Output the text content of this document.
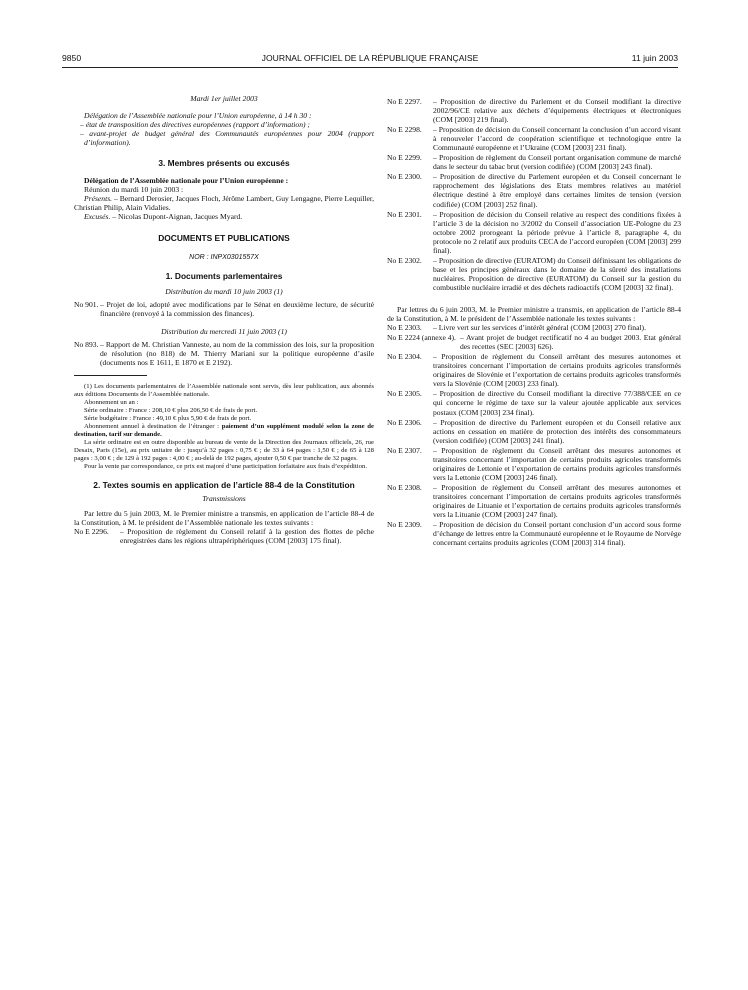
9850	JOURNAL OFFICIEL DE LA RÉPUBLIQUE FRANÇAISE	11 juin 2003

Mardi 1er juillet 2003

Délégation de l’Assemblée nationale pour l’Union européenne, à 14 h 30 :

– état de transposition des directives européennes (rapport d’information) ;

– avant-projet de budget général des Communautés européennes pour 2004 (rapport d’information).

3. Membres présents ou excusés

Délégation de l’Assemblée nationale pour l’Union européenne :

Réunion du mardi 10 juin 2003 :

Présents. – Bernard Derosier, Jacques Floch, Jérôme Lambert, Guy Lengagne, Pierre Lequiller, Christian Philip, Alain Vidalies.

Excusés. – Nicolas Dupont-Aignan, Jacques Myard.

DOCUMENTS ET PUBLICATIONS

NOR : INPX0301557X

1. Documents parlementaires

Distribution du mardi 10 juin 2003 (1)

No 901. – Projet de loi, adopté avec modifications par le Sénat en deuxième lecture, de sécurité financière (renvoyé à la commission des finances).

Distribution du mercredi 11 juin 2003 (1)

No 893. – Rapport de M. Christian Vanneste, au nom de la commission des lois, sur la proposition de résolution (no 818) de M. Thierry Mariani sur la politique européenne d’asile (documents nos E 1611, E 1870 et E 2192).

(1) Les documents parlementaires de l’Assemblée nationale sont servis, dès leur publication, aux abonnés aux éditions Documents de l’Assemblée nationale.

Abonnement un an :

Série ordinaire : France : 208,10 € plus 206,50 € de frais de port.

Série budgétaire : France : 49,10 € plus 5,90 € de frais de port.

Abonnement annuel à destination de l’étranger : paiement d’un supplément modulé selon la zone de destination, tarif sur demande.

La série ordinaire est en outre disponible au bureau de vente de la Direction des Journaux officiels, 26, rue Desaix, Paris (15e), au prix unitaire de : jusqu’à 32 pages : 0,75 € ; de 33 à 64 pages : 1,50 € ; de 65 à 128 pages : 3,00 € ; de 129 à 192 pages : 4,00 € ; au-delà de 192 pages, ajouter 0,50 € par tranche de 32 pages.

Pour la vente par correspondance, ce prix est majoré d’une participation forfaitaire aux frais d’expédition.

2. Textes soumis en application de l’article 88-4 de la Constitution

Transmissions

Par lettre du 5 juin 2003, M. le Premier ministre a transmis, en application de l’article 88-4 de la Constitution, à M. le président de l’Assemblée nationale les textes suivants :

No E 2296.	– Proposition de règlement du Conseil relatif à la gestion des flottes de pêche enregistrées dans les régions ultrapériphériques (COM [2003] 175 final).
No E 2297.	– Proposition de directive du Parlement et du Conseil modifiant la directive 2002/96/CE relative aux déchets d’équipements électriques et électroniques (COM [2003] 219 final).
No E 2298.	– Proposition de décision du Conseil concernant la conclusion d’un accord visant à renouveler l’accord de coopération scientifique et technologique entre la Communauté européenne et l’Ukraine (COM [2003] 231 final).
No E 2299.	– Proposition de règlement du Conseil portant organisation commune de marché dans le secteur du tabac brut (version codifiée) (COM [2003] 243 final).
No E 2300.	– Proposition de directive du Parlement européen et du Conseil concernant le rapprochement des législations des Etats membres relatives au matériel électrique destiné à être employé dans certaines limites de tension (version codifiée) (COM [2003] 252 final).
No E 2301.	– Proposition de décision du Conseil relative au respect des conditions fixées à l’article 3 de la décision no 3/2002 du Conseil d’association UE-Pologne du 23 octobre 2002 prorogeant la période prévue à l’article 8, paragraphe 4, du protocole no 2 relatif aux produits CECA de l’accord européen (COM [2003] 299 final).
No E 2302.	– Proposition de directive (EURATOM) du Conseil définissant les obligations de base et les principes généraux dans le domaine de la sûreté des installations nucléaires. Proposition de directive (EURATOM) du Conseil sur la gestion du combustible nucléaire irradié et des déchets radioactifs (COM [2003] 32 final).

Par lettres du 6 juin 2003, M. le Premier ministre a transmis, en application de l’article 88-4 de la Constitution, à M. le président de l’Assemblée nationale les textes suivants :

No E 2303.	– Livre vert sur les services d’intérêt général (COM [2003] 270 final).
No E 2224 (annexe 4). – Avant projet de budget rectificatif no 4 au budget 2003. Etat général des recettes (SEC [2003] 626).
No E 2304.	– Proposition de règlement du Conseil arrêtant des mesures autonomes et transitoires concernant l’importation de certains produits agricoles transformés originaires de Slovénie et l’exportation de certains produits agricoles transformés vers la Slovénie (COM [2003] 233 final).
No E 2305.	– Proposition de directive du Conseil modifiant la directive 77/388/CEE en ce qui concerne le régime de taxe sur la valeur ajoutée applicable aux services postaux (COM [2003] 234 final).
No E 2306.	– Proposition de directive du Parlement européen et du Conseil relative aux actions en cessation en matière de protection des intérêts des consommateurs (version codifiée) (COM [2003] 241 final).
No E 2307.	– Proposition de règlement du Conseil arrêtant des mesures autonomes et transitoires concernant l’importation de certains produits agricoles transformés originaires de Lettonie et l’exportation de certains produits agricoles transformés vers la Lettonie (COM [2003] 246 final).
No E 2308.	– Proposition de règlement du Conseil arrêtant des mesures autonomes et transitoires concernant l’importation de certains produits agricoles transformés originaires de Lituanie et l’exportation de certains produits agricoles transformés vers la Lituanie (COM [2003] 247 final).
No E 2309.	– Proposition de décision du Conseil portant conclusion d’un accord sous forme d’échange de lettres entre la Communauté européenne et le Royaume de Norvège concernant certains produits agricoles (COM [2003] 314 final).
